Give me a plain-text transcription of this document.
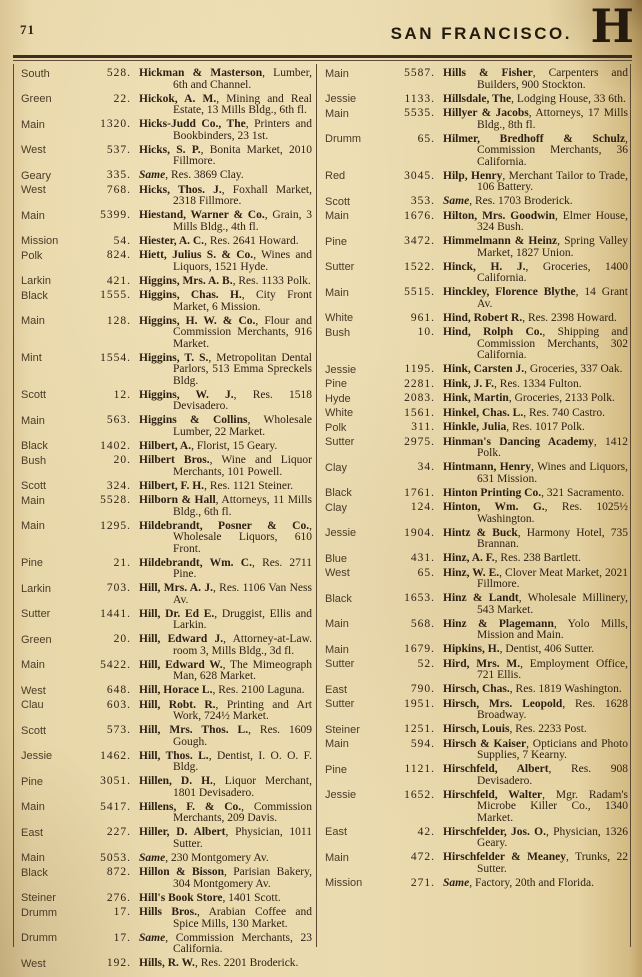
71	SAN FRANCISCO. H
South	528. Hickman & Masterson, Lumber, 6th and Channel.
Green	22. Hickok, A. M., Mining and Real Estate, 13 Mills Bldg., 6th fl.
Main	1320. Hicks-Judd Co., The, Printers and Bookbinders, 23 1st.
West	537. Hicks, S. P., Bonita Market, 2010 Fillmore.
Geary	335. Same, Res. 3869 Clay.
West	768. Hicks, Thos. J., Foxhall Market, 2318 Fillmore.
Main	5399. Hiestand, Warner & Co., Grain, 3 Mills Bldg., 4th fl.
Mission	54. Hiester, A. C., Res. 2641 Howard.
Polk	824. Hiett, Julius S. & Co., Wines and Liquors, 1521 Hyde.
Larkin	421. Higgins, Mrs. A. B., Res. 1133 Polk.
Black	1555. Higgins, Chas. H., City Front Market, 6 Mission.
Main	128. Higgins, H. W. & Co., Flour and Commission Merchants, 916 Market.
Mint	1554. Higgins, T. S., Metropolitan Dental Parlors, 513 Emma Spreckels Bldg.
Scott	12. Higgins, W. J., Res. 1518 Devisadero.
Main	563. Higgins & Collins, Wholesale Lumber, 22 Market.
Black	1402. Hilbert, A., Florist, 15 Geary.
Bush	20. Hilbert Bros., Wine and Liquor Merchants, 101 Powell.
Scott	324. Hilbert, F. H., Res. 1121 Steiner.
Main	5528. Hilborn & Hall, Attorneys, 11 Mills Bldg., 6th fl.
Main	1295. Hildebrandt, Posner & Co., Wholesale Liquors, 610 Front.
Pine	21. Hildebrandt, Wm. C., Res. 2711 Pine.
Larkin	703. Hill, Mrs. A. J., Res. 1106 Van Ness Av.
Sutter	1441. Hill, Dr. Ed E., Druggist, Ellis and Larkin.
Green	20. Hill, Edward J., Attorney-at-Law. room 3, Mills Bldg., 3d fl.
Main	5422. Hill, Edward W., The Mimeograph Man, 628 Market.
West	648. Hill, Horace L., Res. 2100 Laguna.
Clau	603. Hill, Robt. R., Printing and Art Work, 724½ Market.
Scott	573. Hill, Mrs. Thos. L., Res. 1609 Gough.
Jessie	1462. Hill, Thos. L., Dentist, I. O. O. F. Bldg.
Pine	3051. Hillen, D. H., Liquor Merchant, 1801 Devisadero.
Main	5417. Hillens, F. & Co., Commission Merchants, 209 Davis.
East	227. Hiller, D. Albert, Physician, 1011 Sutter.
Main	5053. Same, 230 Montgomery Av.
Black	872. Hillon & Bisson, Parisian Bakery, 304 Montgomery Av.
Steiner	276. Hill's Book Store, 1401 Scott.
Drumm	17. Hills Bros., Arabian Coffee and Spice Mills, 130 Market.
Drumm	17. Same, Commission Merchants, 23 California.
West	192. Hills, R. W., Res. 2201 Broderick.
Main	5587. Hills & Fisher, Carpenters and Builders, 900 Stockton.
Jessie	1133. Hillsdale, The, Lodging House, 33 6th.
Main	5535. Hillyer & Jacobs, Attorneys, 17 Mills Bldg., 8th fl.
Drumm	65. Hilmer, Bredhoff & Schulz, Commission Merchants, 36 California.
Red	3045. Hilp, Henry, Merchant Tailor to Trade, 106 Battery.
Scott	353. Same, Res. 1703 Broderick.
Main	1676. Hilton, Mrs. Goodwin, Elmer House, 324 Bush.
Pine	3472. Himmelmann & Heinz, Spring Valley Market, 1827 Union.
Sutter	1522. Hinck, H. J., Groceries, 1400 California.
Main	5515. Hinckley, Florence Blythe, 14 Grant Av.
White	961. Hind, Robert R., Res. 2398 Howard.
Bush	10. Hind, Rolph Co., Shipping and Commission Merchants, 302 California.
Jessie	1195. Hink, Carsten J., Groceries, 337 Oak.
Pine	2281. Hink, J. F., Res. 1334 Fulton.
Hyde	2083. Hink, Martin, Groceries, 2133 Polk.
White	1561. Hinkel, Chas. L., Res. 740 Castro.
Polk	311. Hinkle, Julia, Res. 1017 Polk.
Sutter	2975. Hinman's Dancing Academy, 1412 Polk.
Clay	34. Hintmann, Henry, Wines and Liquors, 631 Mission.
Black	1761. Hinton Printing Co., 321 Sacramento.
Clay	124. Hinton, Wm. G., Res. 1025½ Washington.
Jessie	1904. Hintz & Buck, Harmony Hotel, 735 Brannan.
Blue	431. Hinz, A. F., Res. 238 Bartlett.
West	65. Hinz, W. E., Clover Meat Market, 2021 Fillmore.
Black	1653. Hinz & Landt, Wholesale Millinery, 543 Market.
Main	568. Hinz & Plagemann, Yolo Mills, Mission and Main.
Main	1679. Hipkins, H., Dentist, 406 Sutter.
Sutter	52. Hird, Mrs. M., Employment Office, 721 Ellis.
East	790. Hirsch, Chas., Res. 1819 Washington.
Sutter	1951. Hirsch, Mrs. Leopold, Res. 1628 Broadway.
Steiner	1251. Hirsch, Louis, Res. 2233 Post.
Main	594. Hirsch & Kaiser, Opticians and Photo Supplies, 7 Kearny.
Pine	1121. Hirschfeld, Albert, Res. 908 Devisadero.
Jessie	1652. Hirschfeld, Walter, Mgr. Radam's Microbe Killer Co., 1340 Market.
East	42. Hirschfelder, Jos. O., Physician, 1326 Geary.
Main	472. Hirschfelder & Meaney, Trunks, 22 Sutter.
Mission	271. Same, Factory, 20th and Florida.
